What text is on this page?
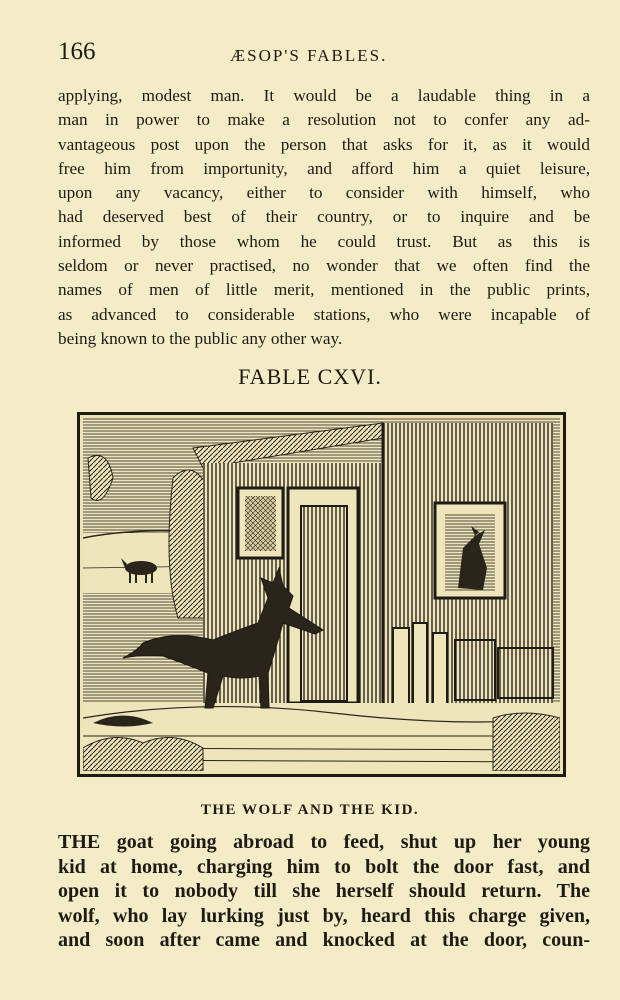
166	ÆSOP'S FABLES.
applying, modest man. It would be a laudable thing in a
man in power to make a resolution not to confer any ad-
vantageous post upon the person that asks for it, as it would
free him from importunity, and afford him a quiet leisure,
upon any vacancy, either to consider with himself, who
had deserved best of their country, or to inquire and be
informed by those whom he could trust. But as this is
seldom or never practised, no wonder that we often find the
names of men of little merit, mentioned in the public prints,
as advanced to considerable stations, who were incapable of
being known to the public any other way.
FABLE CXVI.
THE WOLF AND THE KID.
THE goat going abroad to feed, shut up her young
kid at home, charging him to bolt the door fast, and
open it to nobody till she herself should return. The
wolf, who lay lurking just by, heard this charge given,
and soon after came and knocked at the door, coun-
